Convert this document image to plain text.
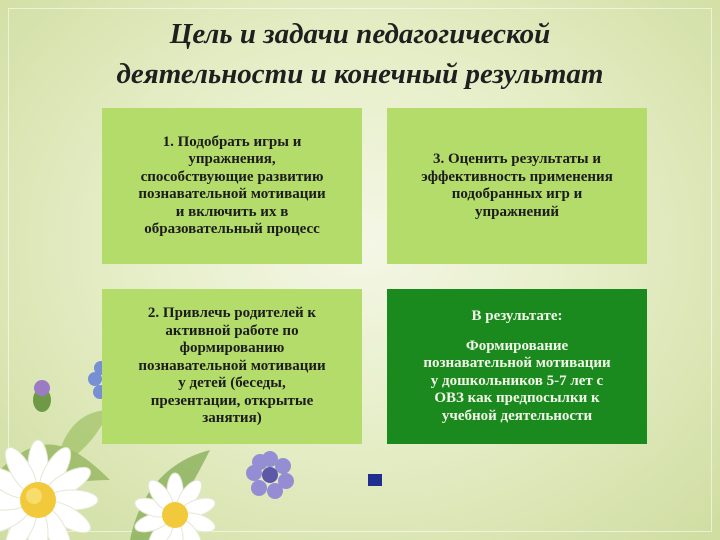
Цель и задачи педагогической
деятельности и конечный результат
1. Подобрать игры и
упражнения,
способствующие развитию
познавательной мотивации
и включить их в
образовательный процесс
3. Оценить результаты и
эффективность применения
подобранных игр и
упражнений
2. Привлечь родителей к
активной работе по
формированию
познавательной мотивации
у детей (беседы,
презентации, открытые
занятия)
В результате:
Формирование
познавательной мотивации
у дошкольников 5-7 лет с
ОВЗ как предпосылки к
учебной деятельности
